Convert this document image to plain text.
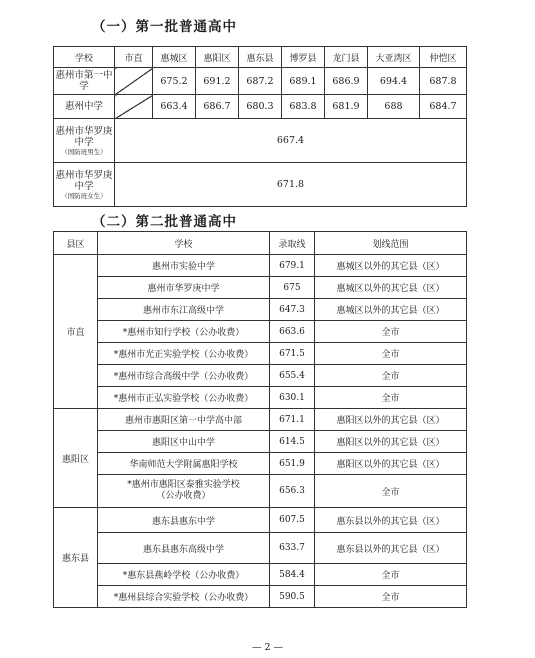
（一）第一批普通高中
学校	市直	惠城区	惠阳区	惠东县	博罗县	龙门县	大亚湾区	仲恺区
惠州市第一中学		675.2	691.2	687.2	689.1	686.9	694.4	687.8
惠州中学		663.4	686.7	680.3	683.8	681.9	688	684.7
惠州市华罗庚中学
（国防班男生）	667.4							
惠州市华罗庚中学
（国防班女生）	671.8							
（二）第二批普通高中
县区	学校	录取线	划线范围
市直	惠州市实验中学	679.1	惠城区以外的其它县（区）
	惠州市华罗庚中学	675	惠城区以外的其它县（区）
	惠州市东江高级中学	647.3	惠城区以外的其它县（区）
	*惠州市知行学校（公办收费）	663.6	全市
	*惠州市光正实验学校（公办收费）	671.5	全市
	*惠州市综合高级中学（公办收费）	655.4	全市
	*惠州市正弘实验学校（公办收费）	630.1	全市
惠阳区	惠州市惠阳区第一中学高中部	671.1	惠阳区以外的其它县（区）
	惠阳区中山中学	614.5	惠阳区以外的其它县（区）
	华南师范大学附属惠阳学校	651.9	惠阳区以外的其它县（区）
	*惠州市惠阳区泰雅实验学校
（公办收费）	656.3	全市
惠东县	惠东县惠东中学	607.5	惠东县以外的其它县（区）
	惠东县惠东高级中学	633.7	惠东县以外的其它县（区）
	*惠东县燕岭学校（公办收费）	584.4	全市
	*惠州县综合实验学校（公办收费）	590.5	全市
— 2 —
